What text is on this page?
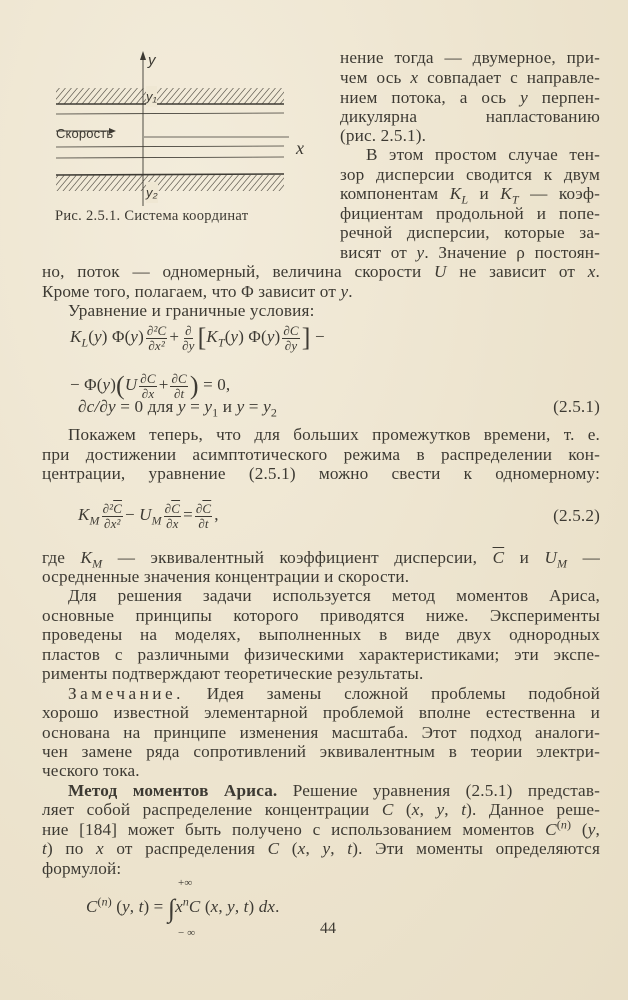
y
y₁
y₂
Скорость
x
Рис. 2.5.1. Система координат
нение тогда — двумерное, при-
чем ось x совпадает с направле-
нием потока, а ось y перпен-
дикулярна напластованию
(рис. 2.5.1).
В этом простом случае тен-
зор дисперсии сводится к двум
компонентам $K_L$ и $K_T$ — коэф-
фициентам продольной и попе-
речной дисперсии, которые за-
висят от y. Значение ρ постоян-
но, поток — одномерный, величина скорости U не зависит от x.
Кроме того, полагаем, что Φ зависит от y.
Уравнение и граничные условия:
$K_L(y)$ $\Phi(y) \frac{\text{∂²C}}{\text{∂x²}} + \frac{\partial}{\partial y} [K_T(y)$ $\Phi(y) \frac{\partial C}{\partial y}$ ] −
− $\Phi(y)(U \frac{\partial C}{\partial x} + \frac{\partial C}{\partial t}$ ) = 0,
∂c/∂y = 0 для $y = y_1$ и $y = y_2$	(2.5.1)
Покажем теперь, что для больших промежутков времени, т. е.
при достижении асимптотического режима в распределении кон-
центрации, уравнение (2.5.1) можно свести к одномерному:
$K_M \frac{\partial^2\overline{C}}{\text{∂x²}} - U_M \frac{\partial\overline{C}}{\partial x} = \frac{\partial\overline{C}}{\partial t}$ ,	(2.5.2)
где $K_M$ — эквивалентный коэффициент дисперсии, $\overline{C}$ и $U_M$ —
осредненные значения концентрации и скорости.
Для решения задачи используется метод моментов Ариса,
основные принципы которого приводятся ниже. Эксперименты
проведены на моделях, выполненных в виде двух однородных
пластов с различными физическими характеристиками; эти экспе-
рименты подтверждают теоретические результаты.
Замечание. Идея замены сложной проблемы подобной
хорошо известной элементарной проблемой вполне естественна и
основана на принципе изменения масштаба. Этот подход аналоги-
чен замене ряда сопротивлений эквивалентным в теории электри-
ческого тока.
Метод моментов Ариса. Решение уравнения (2.5.1) представ-
ляет собой распределение концентрации C (x, y, t). Данное реше-
ние [184] может быть получено с использованием моментов $C^{(n)}$ (y,
t) по x от распределения C (x, y, t). Эти моменты определяются
формулой:
$C^{(n)}$ (y, $t) = \int x^nC$ (x, y, t) dx.
+∞
− ∞	44
